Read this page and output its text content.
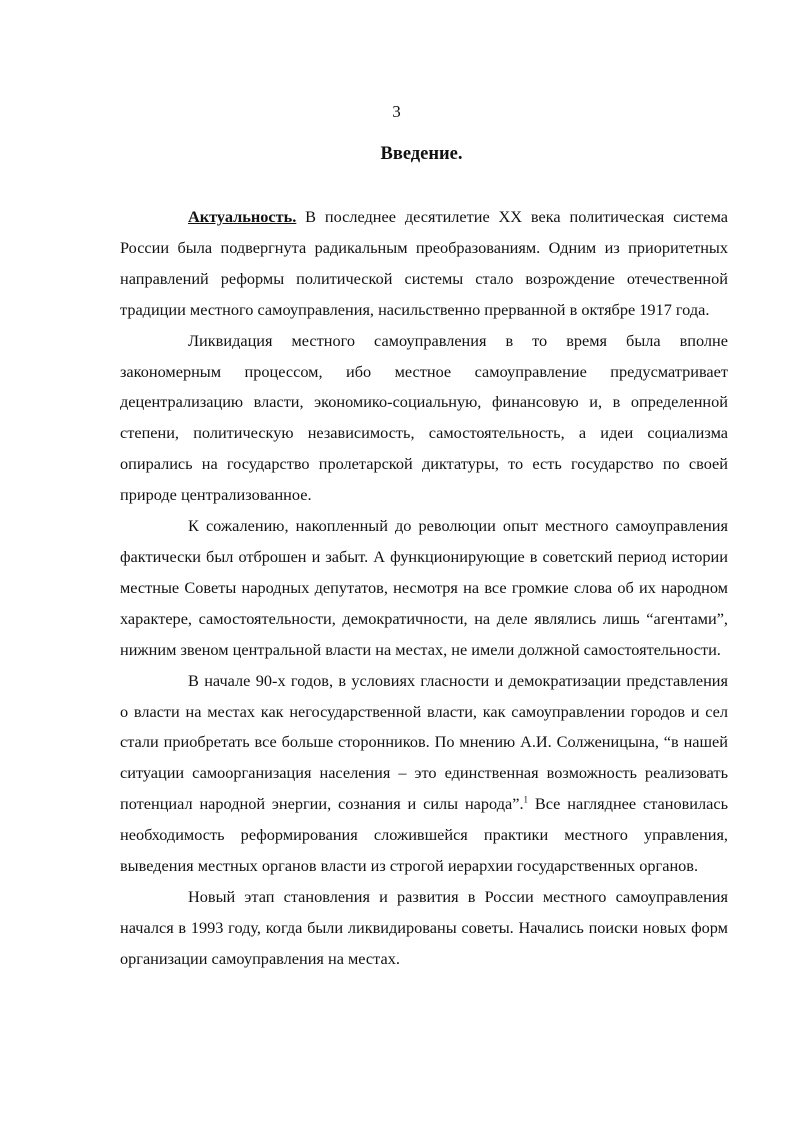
3
Введение.

Актуальность. В последнее десятилетие XX века политическая система России была подвергнута радикальным преобразованиям. Одним из приоритетных направлений реформы политической системы стало возрождение отечественной традиции местного самоуправления, насильственно прерванной в октябре 1917 года.

Ликвидация местного самоуправления в то время была вполне закономерным процессом, ибо местное самоуправление предусматривает децентрализацию власти, экономико-социальную, финансовую и, в определенной степени, политическую независимость, самостоятельность, а идеи социализма опирались на государство пролетарской диктатуры, то есть государство по своей природе централизованное.

К сожалению, накопленный до революции опыт местного самоуправления фактически был отброшен и забыт. А функционирующие в советский период истории местные Советы народных депутатов, несмотря на все громкие слова об их народном характере, самостоятельности, демократичности, на деле являлись лишь “агентами”, нижним звеном центральной власти на местах, не имели должной самостоятельности.

В начале 90-х годов, в условиях гласности и демократизации представления о власти на местах как негосударственной власти, как самоуправлении городов и сел стали приобретать все больше сторонников. По мнению А.И. Солженицына, “в нашей ситуации самоорганизация населения – это единственная возможность реализовать потенциал народной энергии, сознания и силы народа”.$^1$ Все нагляднее становилась необходимость реформирования сложившейся практики местного управления, выведения местных органов власти из строгой иерархии государственных органов.

Новый этап становления и развития в России местного самоуправления начался в 1993 году, когда были ликвидированы советы. Начались поиски новых форм организации самоуправления на местах.
